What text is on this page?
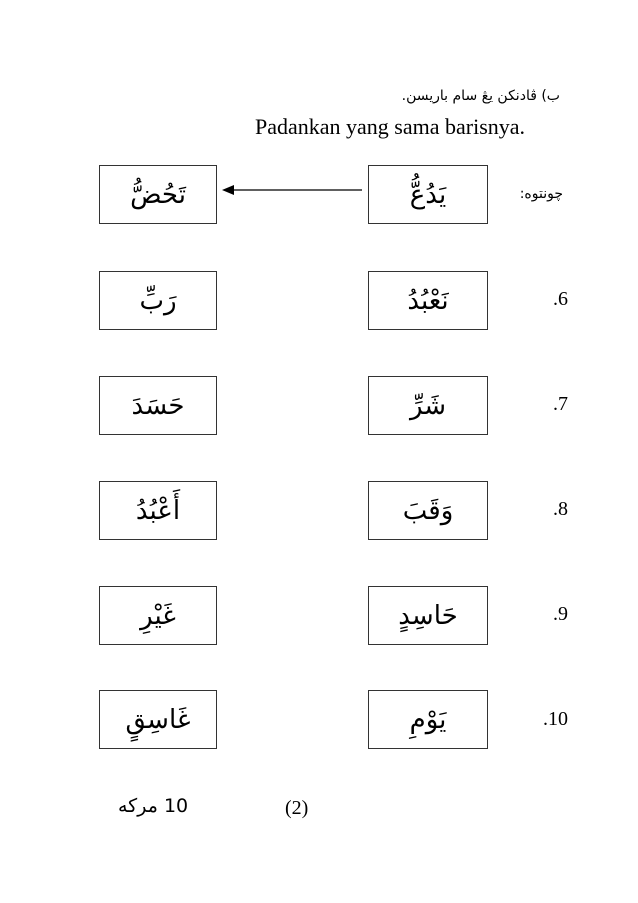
ب) ڤادنكن يڠ سام باريسن.
Padankan yang sama barisnya.
چونتوه:
يَدُعُّ
تَحُضُّ
.6
نَعْبُدُ
رَبِّ
.7
شَرِّ
حَسَدَ
.8
وَقَبَ
أَعْبُدُ
.9
حَاسِدٍ
غَيْرِ
.10
يَوْمِ
غَاسِقٍ
10 مركه	(2)
